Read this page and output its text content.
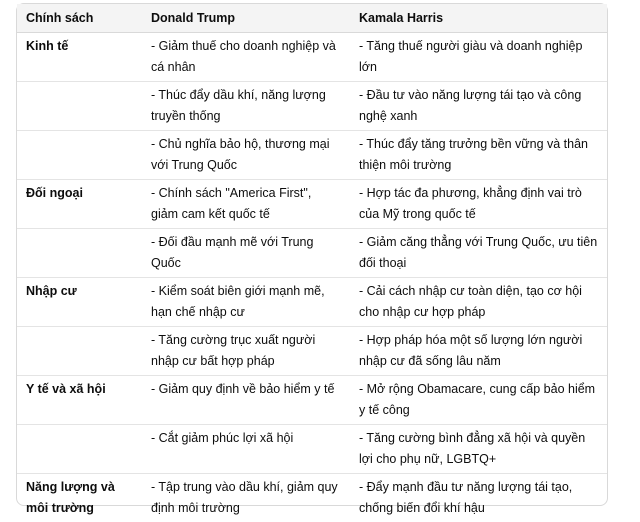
Chính sách	Donald Trump	Kamala Harris
Kinh tế	- Giảm thuế cho doanh nghiệp và cá nhân	- Tăng thuế người giàu và doanh nghiệp lớn
	- Thúc đẩy dầu khí, năng lượng truyền thống	- Đầu tư vào năng lượng tái tạo và công nghệ xanh
	- Chủ nghĩa bảo hộ, thương mại với Trung Quốc	- Thúc đẩy tăng trưởng bền vững và thân thiện môi trường
Đối ngoại	- Chính sách "America First", giảm cam kết quốc tế	- Hợp tác đa phương, khẳng định vai trò của Mỹ trong quốc tế
	- Đối đầu mạnh mẽ với Trung Quốc	- Giảm căng thẳng với Trung Quốc, ưu tiên đối thoại
Nhập cư	- Kiểm soát biên giới mạnh mẽ, hạn chế nhập cư	- Cải cách nhập cư toàn diện, tạo cơ hội cho nhập cư hợp pháp
	- Tăng cường trục xuất người nhập cư bất hợp pháp	- Hợp pháp hóa một số lượng lớn người nhập cư đã sống lâu năm
Y tế và xã hội	- Giảm quy định về bảo hiểm y tế	- Mở rộng Obamacare, cung cấp bảo hiểm y tế công
	- Cắt giảm phúc lợi xã hội	- Tăng cường bình đẳng xã hội và quyền lợi cho phụ nữ, LGBTQ+
Năng lượng và môi trường	- Tập trung vào dầu khí, giảm quy định môi trường	- Đẩy mạnh đầu tư năng lượng tái tạo, chống biến đổi khí hậu
